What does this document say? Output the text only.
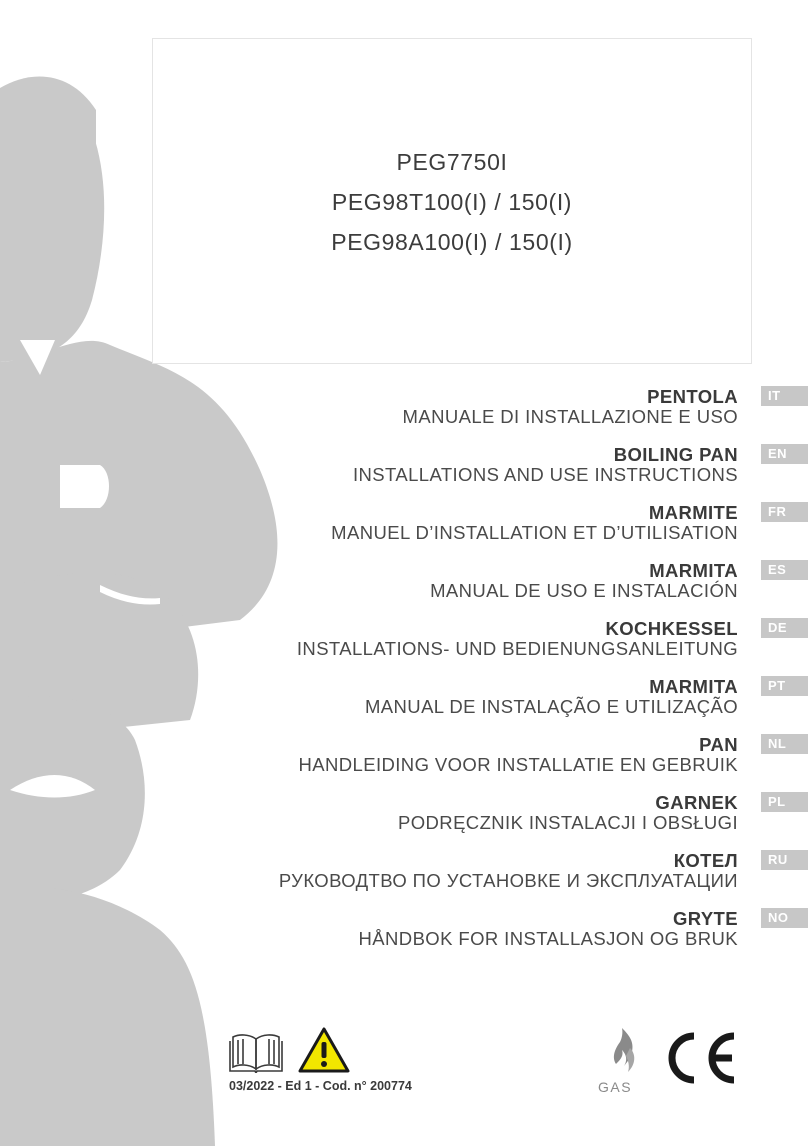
PEG7750I
PEG98T100(I) / 150(I)
PEG98A100(I) / 150(I)
PENTOLA
MANUALE DI INSTALLAZIONE E USO
IT
BOILING PAN
INSTALLATIONS AND USE INSTRUCTIONS
EN
MARMITE
MANUEL D’INSTALLATION ET D’UTILISATION
FR
MARMITA
MANUAL DE USO E INSTALACIÓN
ES
KOCHKESSEL
INSTALLATIONS- UND BEDIENUNGSANLEITUNG
DE
MARMITA
MANUAL DE INSTALAÇÃO E UTILIZAÇÃO
PT
PAN
HANDLEIDING VOOR INSTALLATIE EN GEBRUIK
NL
GARNEK
PODRĘCZNIK INSTALACJI I OBSŁUGI
PL
КОТЕЛ
РУКОВОДТВО ПО УСТАНОВКЕ И ЭКСПЛУАТАЦИИ
RU
GRYTE
HÅNDBOK FOR INSTALLASJON OG BRUK
NO
03/2022 - Ed 1 - Cod. n° 200774	GAS
